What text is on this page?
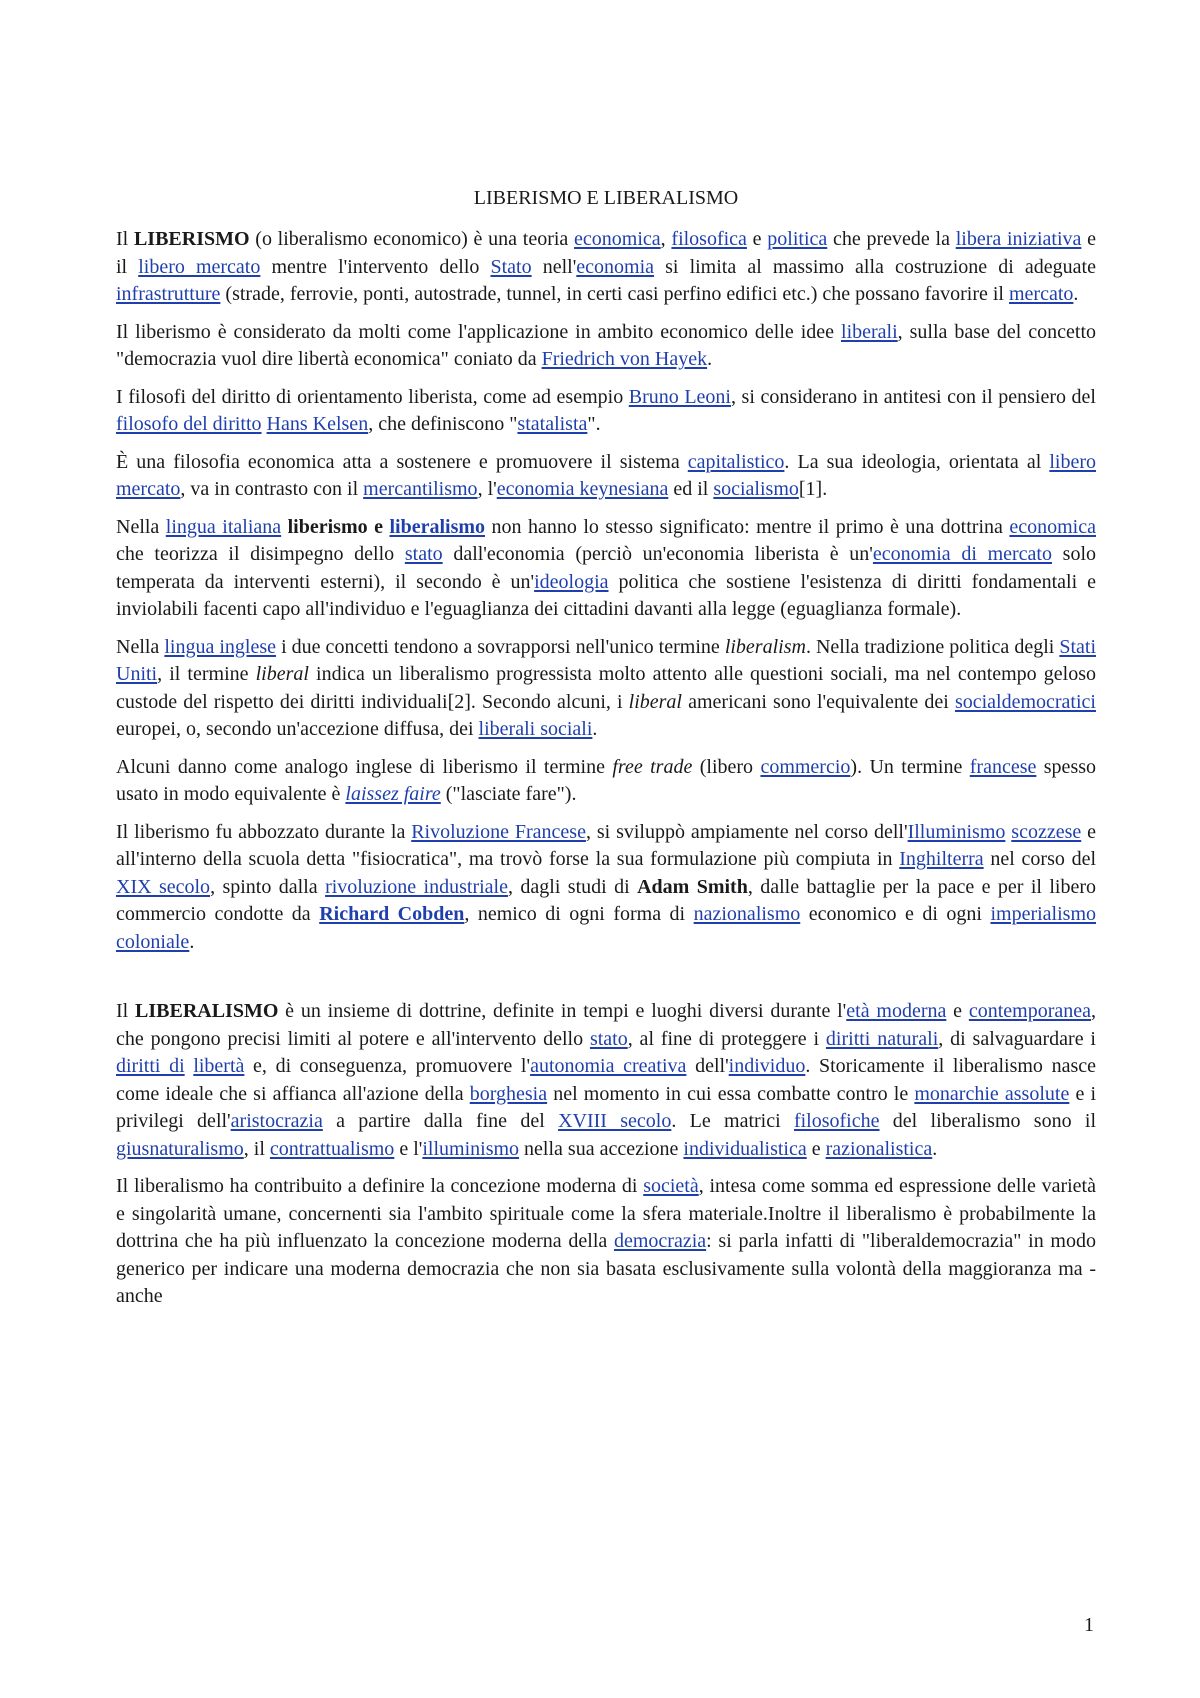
LIBERISMO E LIBERALISMO

Il LIBERISMO (o liberalismo economico) è una teoria economica, filosofica e politica che prevede la libera iniziativa e il libero mercato mentre l'intervento dello Stato nell'economia si limita al massimo alla costruzione di adeguate infrastrutture (strade, ferrovie, ponti, autostrade, tunnel, in certi casi perfino edifici etc.) che possano favorire il mercato.

Il liberismo è considerato da molti come l'applicazione in ambito economico delle idee liberali, sulla base del concetto "democrazia vuol dire libertà economica" coniato da Friedrich von Hayek.

I filosofi del diritto di orientamento liberista, come ad esempio Bruno Leoni, si considerano in antitesi con il pensiero del filosofo del diritto Hans Kelsen, che definiscono "statalista".

È una filosofia economica atta a sostenere e promuovere il sistema capitalistico. La sua ideologia, orientata al libero mercato, va in contrasto con il mercantilismo, l'economia keynesiana ed il socialismo[1].

Nella lingua italiana liberismo e liberalismo non hanno lo stesso significato: mentre il primo è una dottrina economica che teorizza il disimpegno dello stato dall'economia (perciò un'economia liberista è un'economia di mercato solo temperata da interventi esterni), il secondo è un'ideologia politica che sostiene l'esistenza di diritti fondamentali e inviolabili facenti capo all'individuo e l'eguaglianza dei cittadini davanti alla legge (eguaglianza formale).

Nella lingua inglese i due concetti tendono a sovrapporsi nell'unico termine liberalism. Nella tradizione politica degli Stati Uniti, il termine liberal indica un liberalismo progressista molto attento alle questioni sociali, ma nel contempo geloso custode del rispetto dei diritti individuali[2]. Secondo alcuni, i liberal americani sono l'equivalente dei socialdemocratici europei, o, secondo un'accezione diffusa, dei liberali sociali.

Alcuni danno come analogo inglese di liberismo il termine free trade (libero commercio). Un termine francese spesso usato in modo equivalente è laissez faire ("lasciate fare").

Il liberismo fu abbozzato durante la Rivoluzione Francese, si sviluppò ampiamente nel corso dell'Illuminismo scozzese e all'interno della scuola detta "fisiocratica", ma trovò forse la sua formulazione più compiuta in Inghilterra nel corso del XIX secolo, spinto dalla rivoluzione industriale, dagli studi di Adam Smith, dalle battaglie per la pace e per il libero commercio condotte da Richard Cobden, nemico di ogni forma di nazionalismo economico e di ogni imperialismo coloniale.

Il LIBERALISMO è un insieme di dottrine, definite in tempi e luoghi diversi durante l'età moderna e contemporanea, che pongono precisi limiti al potere e all'intervento dello stato, al fine di proteggere i diritti naturali, di salvaguardare i diritti di libertà e, di conseguenza, promuovere l'autonomia creativa dell'individuo. Storicamente il liberalismo nasce come ideale che si affianca all'azione della borghesia nel momento in cui essa combatte contro le monarchie assolute e i privilegi dell'aristocrazia a partire dalla fine del XVIII secolo. Le matrici filosofiche del liberalismo sono il giusnaturalismo, il contrattualismo e l'illuminismo nella sua accezione individualistica e razionalistica.

Il liberalismo ha contribuito a definire la concezione moderna di società, intesa come somma ed espressione delle varietà e singolarità umane, concernenti sia l'ambito spirituale come la sfera materiale.Inoltre il liberalismo è probabilmente la dottrina che ha più influenzato la concezione moderna della democrazia: si parla infatti di "liberaldemocrazia" in modo generico per indicare una moderna democrazia che non sia basata esclusivamente sulla volontà della maggioranza ma - anche

1
